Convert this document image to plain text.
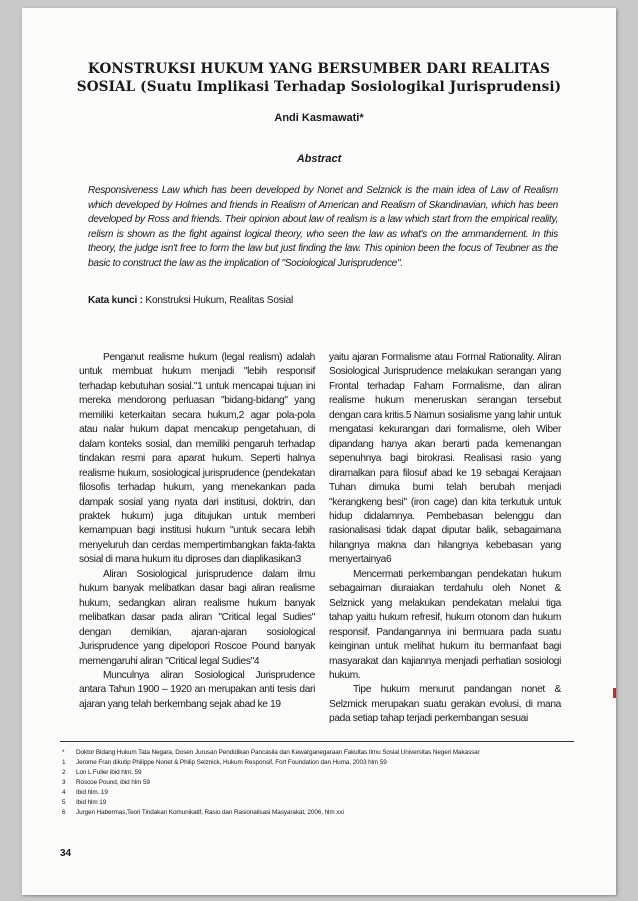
KONSTRUKSI HUKUM YANG BERSUMBER DARI REALITAS
SOSIAL (Suatu Implikasi Terhadap Sosiologikal Jurisprudensi)
Andi Kasmawati*
Abstract
Responsiveness Law which has been developed by Nonet and Selznick is the main idea of Law of Realism which developed by Holmes and friends in Realism of American and Realism of Skandinavian, which has been developed by Ross and friends. Their opinion about law of realism is a law which start from the empirical reality, relism is shown as the fight against logical theory, who seen the law as what's on the ammandement. In this theory, the judge isn't free to form the law but just finding the law. This opinion been the focus of Teubner as the basic to construct the law as the implication of "Sociological Jurisprudence".
Kata kunci : Konstruksi Hukum, Realitas Sosial

Penganut realisme hukum (legal realism) adalah untuk membuat hukum menjadi "lebih responsif terhadap kebutuhan sosial."1 untuk mencapai tujuan ini mereka mendorong perluasan "bidang-bidang" yang memiliki keterkaitan secara hukum,2 agar pola-pola atau nalar hukum dapat mencakup pengetahuan, di dalam konteks sosial, dan memiliki pengaruh terhadap tindakan resmi para aparat hukum. Seperti halnya realisme hukum, sosiological jurisprudence (pendekatan filosofis terhadap hukum, yang menekankan pada dampak sosial yang nyata dari institusi, doktrin, dan praktek hukum) juga ditujukan untuk memberi kemampuan bagi institusi hukum "untuk secara lebih menyeluruh dan cerdas mempertimbangkan fakta-fakta sosial di mana hukum itu diproses dan diaplikasikan3

Aliran Sosiological jurisprudence dalam ilmu hukum banyak melibatkan dasar bagi aliran realisme hukum, sedangkan aliran realisme hukum banyak melibatkan dasar pada aliran "Critical legal Sudies" dengan demikian, ajaran-ajaran sosiological Jurisprudence yang dipelopori Roscoe Pound banyak memengaruhi aliran "Critical legal Sudies"4

Munculnya aliran Sosiological Jurisprudence antara Tahun 1900 – 1920 an merupakan anti tesis dari ajaran yang telah berkembang sejak abad ke 19

yaitu ajaran Formalisme atau Formal Rationality. Aliran Sosiological Jurisprudence melakukan serangan yang Frontal terhadap Faham Formalisme, dan aliran realisme hukum meneruskan serangan tersebut dengan cara kritis.5 Namun sosialisme yang lahir untuk mengatasi kekurangan dari formalisme, oleh Wiber dipandang hanya akan berarti pada kemenangan sepenuhnya bagi birokrasi. Realisasi rasio yang diramalkan para filosuf abad ke 19 sebagai Kerajaan Tuhan dimuka bumi telah berubah menjadi "kerangkeng besi" (iron cage) dan kita terkutuk untuk hidup didalamnya. Pembebasan belenggu dan rasionalisasi tidak dapat diputar balik, sebagaimana hilangnya makna dan hilangnya kebebasan yang menyertainya6

Mencermati perkembangan pendekatan hukum sebagaiman diuraiakan terdahulu oleh Nonet & Selznick yang melakukan pendekatan melalui tiga tahap yaitu hukum refresif, hukum otonom dan hukum responsif. Pandangannya ini bermuara pada suatu keinginan untuk melihat hukum itu bermanfaat bagi masyarakat dan kajiannya menjadi perhatian sosiologi hukum.

Tipe hukum menurut pandangan nonet & Selzmick merupakan suatu gerakan evolusi, di mana pada setiap tahap terjadi perkembangan sesuai

*	Doktor Bidang Hukum Tata Negara, Dosen Jurusan Pendidikan Pancasila dan Kewarganegaraan Fakultas Ilmu Sosial Universitas Negeri Makassar
1	Jerome Fran dikutip Philippe Nonet & Philip Selznick, Hukum Responsif, Fort Foundation dan Huma, 2003 hlm 59
2	Lon L Fuller ibid hlm. 59
3	Roscoe Pound, ibid hlm 59
4	Ibid hlm. 19
5	Ibid hlm 19
6	Jurgen Habermas,Teori Tindakan Komunikatif, Rasio dan Rasionalisasi Masyarakat, 2006, hlm xxi
34
